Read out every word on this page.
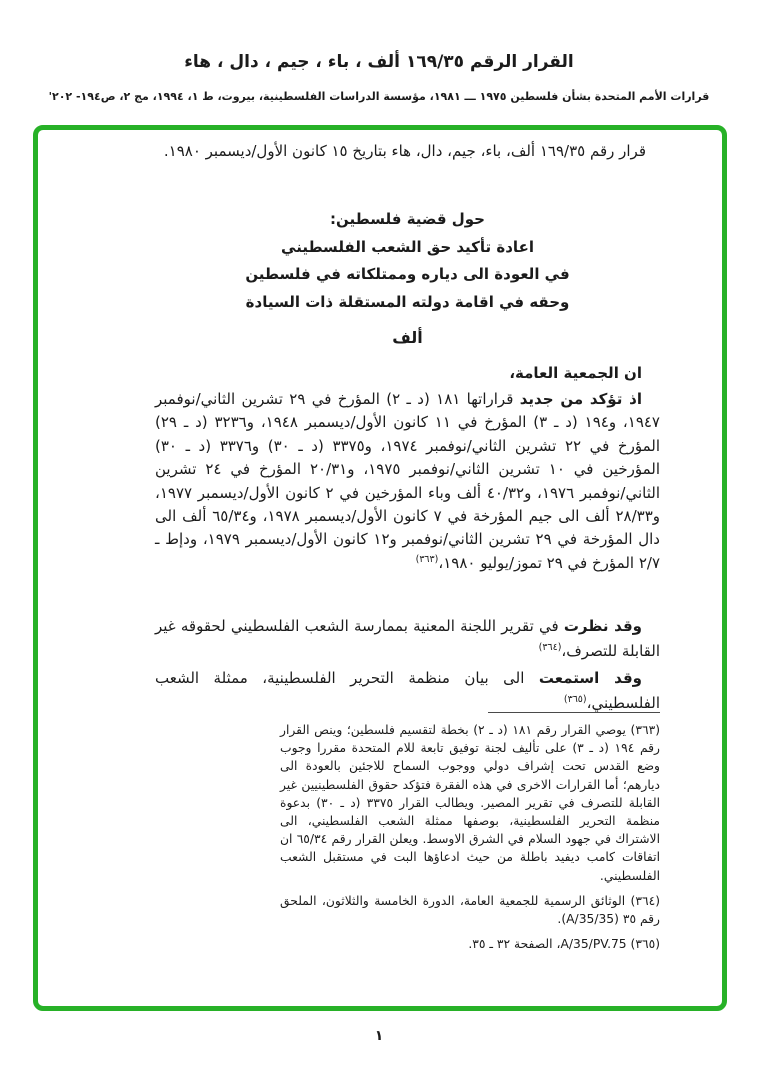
القرار الرقم ١٦٩/٣٥ ألف ، باء ، جيم ، دال ، هاء
قرارات الأمم المتحدة بشأن فلسطين ١٩٧٥ ـــ ١٩٨١، مؤسسة الدراسات الفلسطينية، بيروت، ط ١، ١٩٩٤، مج ٢، ص١٩٤- ٢٠٢'
قرار رقم ١٦٩/٣٥ ألف، باء، جيم، دال، هاء بتاريخ ١٥ كانون الأول/ديسمبر ١٩٨٠.
حول قضية فلسطين:
اعادة تأكيد حق الشعب الفلسطيني
في العودة الى دياره وممتلكاته في فلسطين
وحقه في اقامة دولته المستقلة ذات السيادة
ألف
ان الجمعية العامة،
اذ تؤكد من جديد قراراتها ١٨١ (د ـ ٢) المؤرخ في ٢٩ تشرين الثاني/نوفمبر ١٩٤٧، و١٩٤ (د ـ ٣) المؤرخ في ١١ كانون الأول/ديسمبر ١٩٤٨، و٣٢٣٦ (د ـ ٢٩) المؤرخ في ٢٢ تشرين الثاني/نوفمبر ١٩٧٤، و٣٣٧٥ (د ـ ٣٠) و٣٣٧٦ (د ـ ٣٠) المؤرخين في ١٠ تشرين الثاني/نوفمبر ١٩٧٥، و٢٠/٣١ المؤرخ في ٢٤ تشرين الثاني/نوفمبر ١٩٧٦، و٤٠/٣٢ ألف وباء المؤرخين في ٢ كانون الأول/ديسمبر ١٩٧٧، و٢٨/٣٣ ألف الى جيم المؤرخة في ٧ كانون الأول/ديسمبر ١٩٧٨، و٦٥/٣٤ ألف الى دال المؤرخة في ٢٩ تشرين الثاني/نوفمبر و١٢ كانون الأول/ديسمبر ١٩٧٩، ودإط ـ ٢/٧ المؤرخ في ٢٩ تموز/يوليو ١٩٨٠،$^{(٣٦٣)}$
وقد نظرت في تقرير اللجنة المعنية بممارسة الشعب الفلسطيني لحقوقه غير القابلة للتصرف،$^{(٣٦٤)}$
وقد استمعت الى بيان منظمة التحرير الفلسطينية، ممثلة الشعب الفلسطيني،$^{(٣٦٥)}$
(٣٦٣) يوصي القرار رقم ١٨١ (د ـ ٢) بخطة لتقسيم فلسطين؛ وينص القرار رقم ١٩٤ (د ـ ٣) على تأليف لجنة توفيق تابعة للام المتحدة مقررا وجوب وضع القدس تحت إشراف دولي ووجوب السماح للاجئين بالعودة الى ديارهم؛ أما القرارات الاخرى في هذه الفقرة فتؤكد حقوق الفلسطينيين غير القابلة للتصرف في تقرير المصير. ويطالب القرار ٣٣٧٥ (د ـ ٣٠) بدعوة منظمة التحرير الفلسطينية، بوصفها ممثلة الشعب الفلسطيني، الى الاشتراك في جهود السلام في الشرق الاوسط. ويعلن القرار رقم ٦٥/٣٤ ان اتفاقات كامب ديفيد باطلة من حيث ادعاؤها البت في مستقبل الشعب الفلسطيني.
(٣٦٤) الوثائق الرسمية للجمعية العامة، الدورة الخامسة والثلاثون، الملحق رقم ٣٥ (A/35/35).
(٣٦٥) A/35/PV.75، الصفحة ٣٢ ـ ٣٥.
١
